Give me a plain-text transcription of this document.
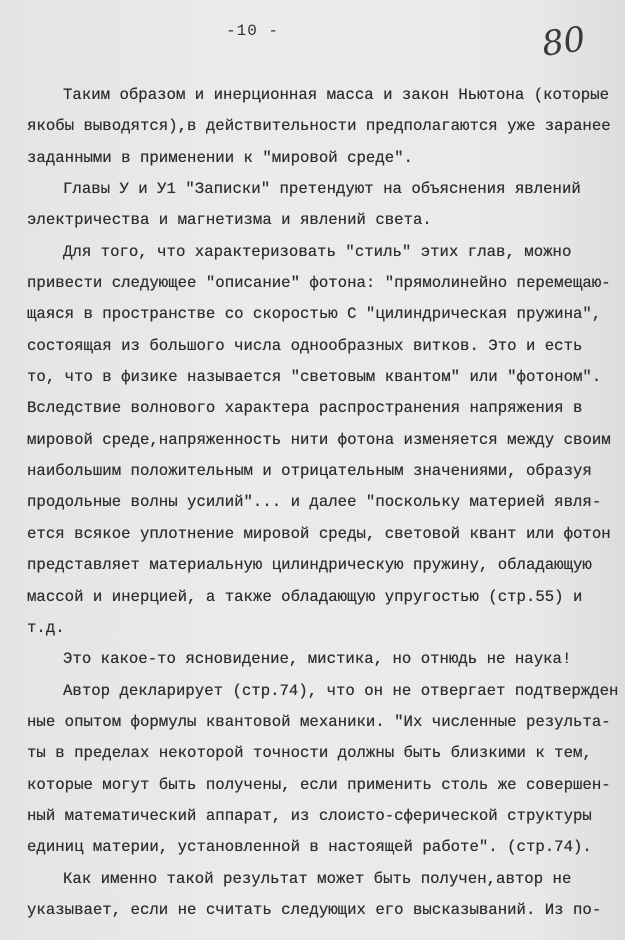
-10 -	80
Таким образом и инерционная масса и закон Ньютона (которые
якобы выводятся),в действительности предполагаются уже заранее
заданными в применении к "мировой среде".
Главы У и У1 "Записки" претендуют на объяснения явлений
электричества и магнетизма и явлений света.
Для того, что характеризовать "стиль" этих глав, можно
привести следующее "описание" фотона: "прямолинейно перемещаю-
щаяся в пространстве со скоростью С "цилиндрическая пружина",
состоящая из большого числа однообразных витков. Это и есть
то, что в физике называется "световым квантом" или "фотоном".
Вследствие волнового характера распространения напряжения в
мировой среде,напряженность нити фотона изменяется между своим
наибольшим положительным и отрицательным значениями, образуя
продольные волны усилий"... и далее "поскольку материей явля-
ется всякое уплотнение мировой среды, световой квант или фотон
представляет материальную цилиндрическую пружину, обладающую
массой и инерцией, а также обладающую упругостью (стр.55) и
т.д.
Это какое-то ясновидение, мистика, но отнюдь не наука!
Автор декларирует (стр.74), что он не отвергает подтвержден
ные опытом формулы квантовой механики. "Их численные результа-
ты в пределах некоторой точности должны быть близкими к тем,
которые могут быть получены, если применить столь же совершен-
ный математический аппарат, из слоисто-сферической структуры
единиц материи, установленной в настоящей работе". (стр.74).
Как именно такой результат может быть получен,автор не
указывает, если не считать следующих его высказываний. Из по-
